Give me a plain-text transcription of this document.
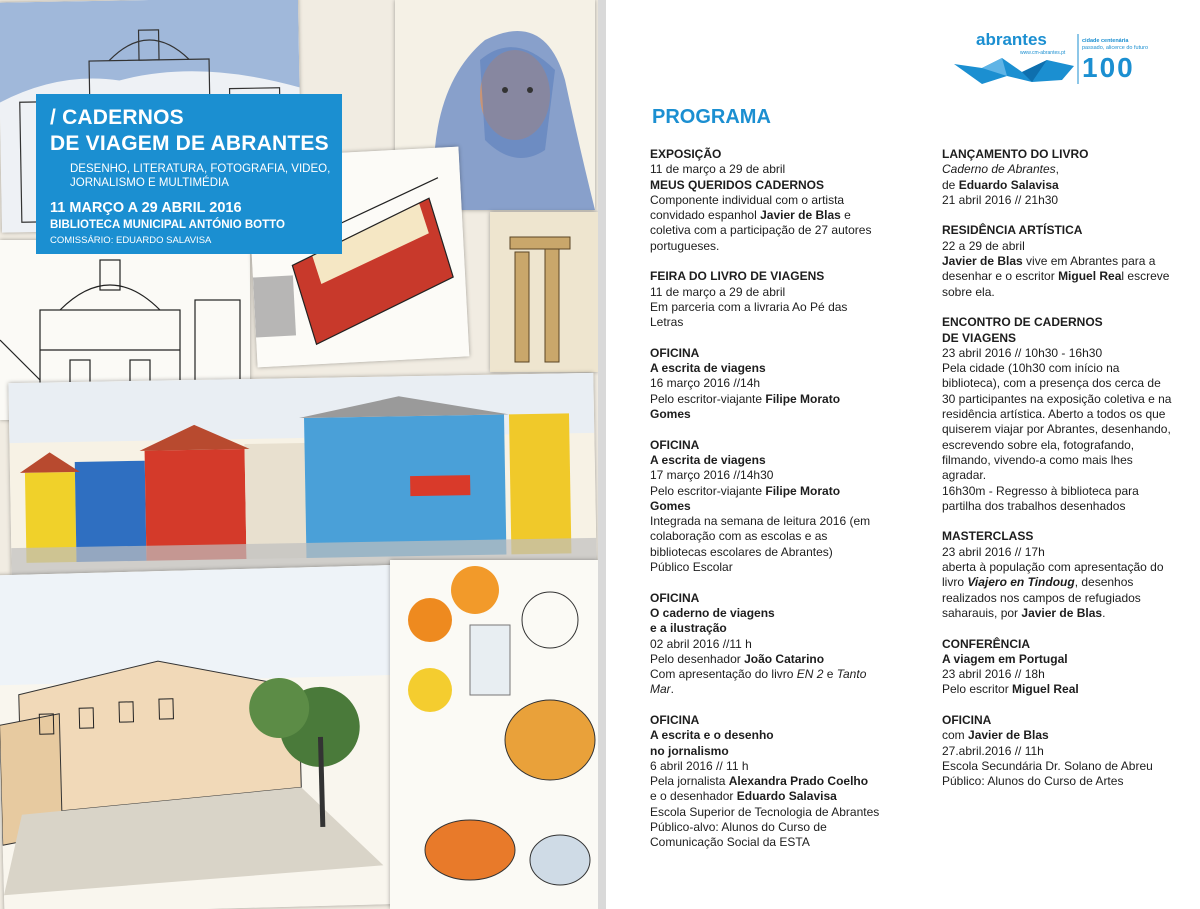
/ CADERNOS
DE VIAGEM DE ABRANTES
DESENHO, LITERATURA, FOTOGRAFIA, VIDEO, JORNALISMO E MULTIMÉDIA
11 MARÇO A 29 ABRIL 2016
BIBLIOTECA MUNICIPAL ANTÓNIO BOTTO
COMISSÁRIO: EDUARDO SALAVISA
abrantes
www.cm-abrantes.pt
cidade centenária
passado, alicerce do futuro
100
PROGRAMA
EXPOSIÇÃO
11 de março a 29 de abril
MEUS QUERIDOS CADERNOS
Componente individual com o artista convidado espanhol Javier de Blas e coletiva com a participação de 27 autores portugueses.
FEIRA DO LIVRO DE VIAGENS
11 de março a 29 de abril
Em parceria com a livraria Ao Pé das Letras
OFICINA
A escrita de viagens
16 março 2016 //14h
Pelo escritor-viajante Filipe Morato Gomes
OFICINA
A escrita de viagens
17 março 2016 //14h30
Pelo escritor-viajante Filipe Morato Gomes
Integrada na semana de leitura 2016 (em colaboração com as escolas e as bibliotecas escolares de Abrantes)
Público Escolar
OFICINA
O caderno de viagens
e a ilustração
02 abril 2016 //11 h
Pelo desenhador João Catarino
Com apresentação do livro EN 2 e Tanto Mar.
OFICINA
A escrita e o desenho
no jornalismo
6 abril 2016 // 11 h
Pela jornalista Alexandra Prado Coelho
e o desenhador Eduardo Salavisa
Escola Superior de Tecnologia de Abrantes
Público-alvo: Alunos do Curso de Comunicação Social da ESTA
LANÇAMENTO DO LIVRO
Caderno de Abrantes,
de Eduardo Salavisa
21 abril 2016 // 21h30
RESIDÊNCIA ARTÍSTICA
22 a 29 de abril
Javier de Blas vive em Abrantes para a desenhar e o escritor Miguel Real escreve sobre ela.
ENCONTRO DE CADERNOS
DE VIAGENS
23 abril 2016 // 10h30 - 16h30
Pela cidade (10h30 com início na biblioteca), com a presença dos cerca de 30 participantes na exposição coletiva e na residência artística. Aberto a todos os que quiserem viajar por Abrantes, desenhando, escrevendo sobre ela, fotografando, filmando, vivendo-a como mais lhes agradar.
16h30m - Regresso à biblioteca para partilha dos trabalhos desenhados
MASTERCLASS
23 abril 2016 // 17h
aberta à população com apresentação do livro Viajero en Tindoug, desenhos realizados nos campos de refugiados saharauis, por Javier de Blas.
CONFERÊNCIA
A viagem em Portugal
23 abril 2016 // 18h
Pelo escritor Miguel Real
OFICINA
com Javier de Blas
27.abril.2016 // 11h
Escola Secundária Dr. Solano de Abreu
Público: Alunos do Curso de Artes
